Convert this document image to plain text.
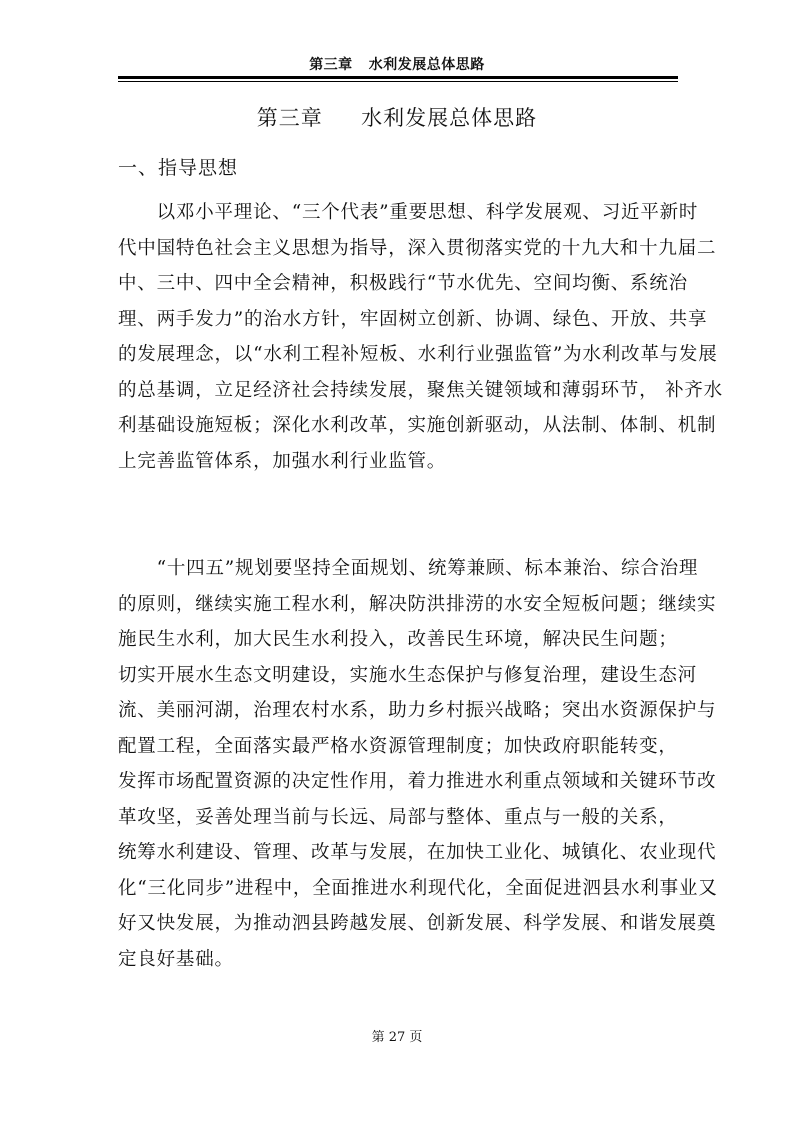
第三章   水利发展总体思路
第三章     水利发展总体思路
一、指导思想
　　以邓小平理论、“三个代表”重要思想、科学发展观、习近平新时
代中国特色社会主义思想为指导，深入贯彻落实党的十九大和十九届二
中、三中、四中全会精神，积极践行“节水优先、空间均衡、系统治
理、两手发力”的治水方针，牢固树立创新、协调、绿色、开放、共享
的发展理念，以“水利工程补短板、水利行业强监管”为水利改革与发展
的总基调，立足经济社会持续发展，聚焦关键领域和薄弱环节， 补齐水
利基础设施短板；深化水利改革，实施创新驱动，从法制、体制、机制
上完善监管体系，加强水利行业监管。
　　“十四五”规划要坚持全面规划、统筹兼顾、标本兼治、综合治理
的原则，继续实施工程水利，解决防洪排涝的水安全短板问题；继续实
施民生水利，加大民生水利投入，改善民生环境，解决民生问题；
切实开展水生态文明建设，实施水生态保护与修复治理，建设生态河
流、美丽河湖，治理农村水系，助力乡村振兴战略；突出水资源保护与
配置工程，全面落实最严格水资源管理制度；加快政府职能转变，
发挥市场配置资源的决定性作用，着力推进水利重点领域和关键环节改
革攻坚，妥善处理当前与长远、局部与整体、重点与一般的关系，
统筹水利建设、管理、改革与发展，在加快工业化、城镇化、农业现代
化“三化同步”进程中，全面推进水利现代化，全面促进泗县水利事业又
好又快发展，为推动泗县跨越发展、创新发展、科学发展、和谐发展奠
定良好基础。
第 27 页
